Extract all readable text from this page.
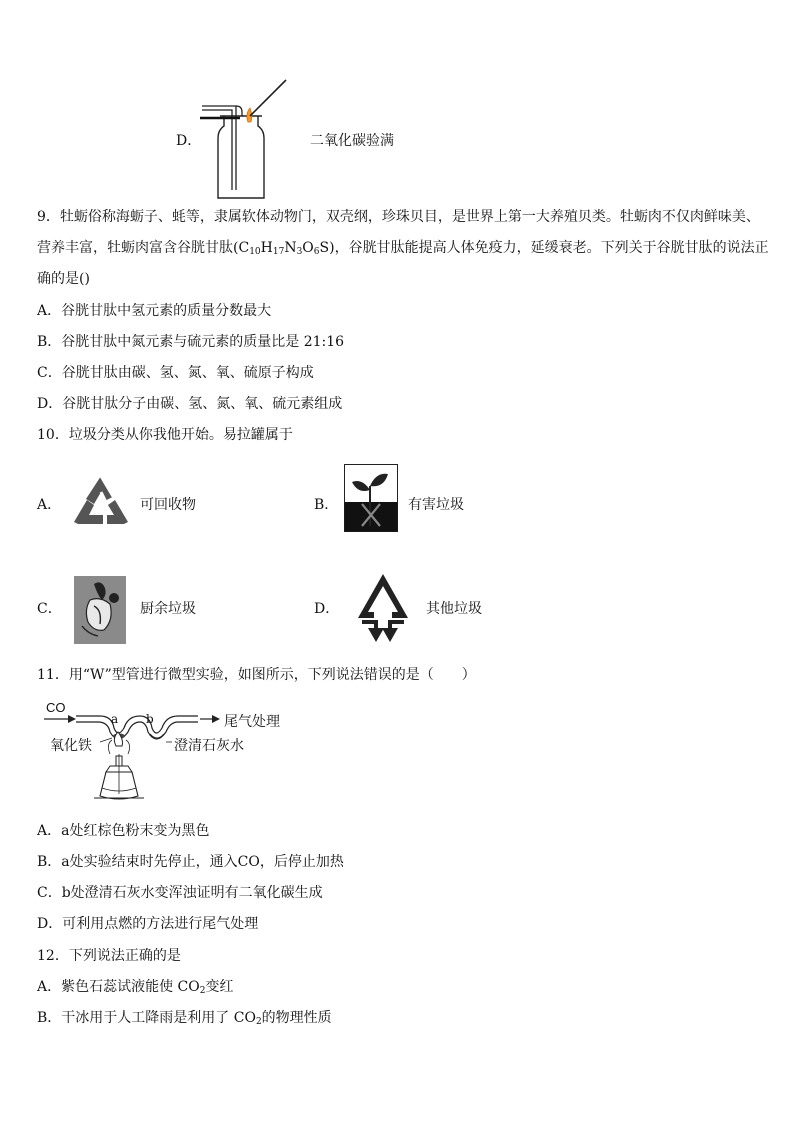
D．	二氧化碳验满
9．牡蛎俗称海蛎子、蚝等，隶属软体动物门，双壳纲，珍珠贝目，是世界上第一大养殖贝类。牡蛎肉不仅肉鲜味美、
营养丰富，牡蛎肉富含谷胱甘肽$(C_{10}H_{17}N_3O_6S)$，谷胱甘肽能提高人体免疫力，延缓衰老。下列关于谷胱甘肽的说法正
确的是()
A．谷胱甘肽中氢元素的质量分数最大
B．谷胱甘肽中氮元素与硫元素的质量比是 21:16
C．谷胱甘肽由碳、氢、氮、氧、硫原子构成
D．谷胱甘肽分子由碳、氢、氮、氧、硫元素组成
10．垃圾分类从你我他开始。易拉罐属于
A．	可回收物	B．	有害垃圾
C．	厨余垃圾	D．	其他垃圾
11．用“W”型管进行微型实验，如图所示，下列说法错误的是（　　）
CO
a b	尾气处理
氧化铁	澄清石灰水
A．a处红棕色粉末变为黑色
B．a处实验结束时先停止，通入CO，后停止加热
C．b处澄清石灰水变浑浊证明有二氧化碳生成
D．可利用点燃的方法进行尾气处理
12．下列说法正确的是
A．紫色石蕊试液能使 $CO_2$变红
B．干冰用于人工降雨是利用了 $CO_2$的物理性质
